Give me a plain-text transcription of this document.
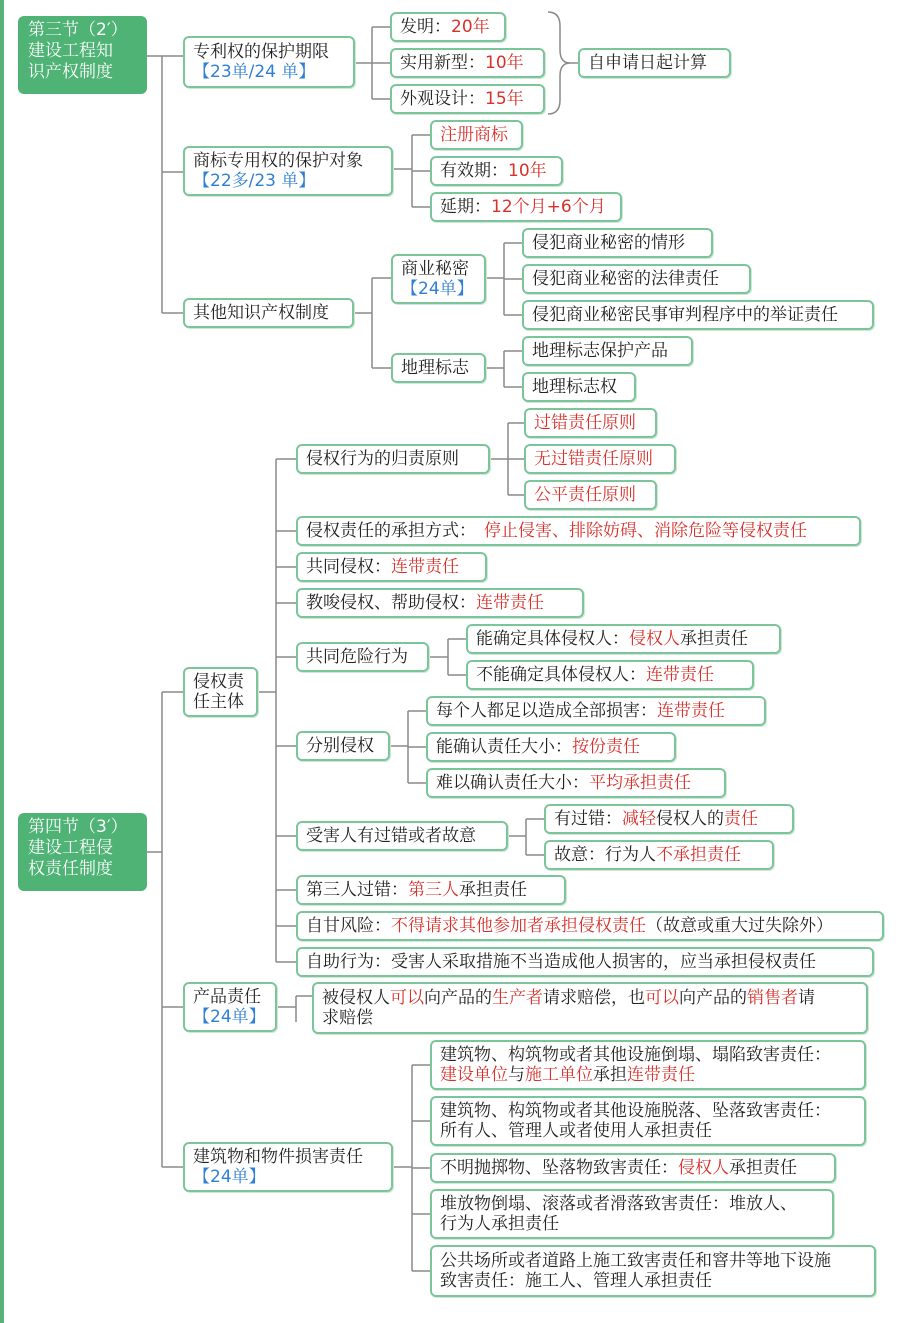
第三节（2′）
建设工程知
识产权制度
专利权的保护期限
【23单/24 单】
发明： 20年
实用新型： 10年
外观设计： 15年
自申请日起计算
商标专用权的保护对象
【22多/23 单】
注册商标
有效期： 10年
延期： 12个月+6个月
其他知识产权制度
商业秘密
【24单】
侵犯商业秘密的情形
侵犯商业秘密的法律责任
侵犯商业秘密民事审判程序中的举证责任
地理标志
地理标志保护产品
地理标志权
第四节（3′）
建设工程侵
权责任制度
侵权责
任主体
侵权行为的归责原则
过错责任原则
无过错责任原则
公平责任原则
侵权责任的承担方式： 停止侵害、排除妨碍、消除危险等侵权责任
共同侵权： 连带责任
教唆侵权、帮助侵权： 连带责任
共同危险行为
能确定具体侵权人： 侵权人 承担责任
不能确定具体侵权人： 连带责任
分别侵权
每个人都足以造成全部损害： 连带责任
能确认责任大小： 按份责任
难以确认责任大小： 平均承担责任
受害人有过错或者故意
有过错： 减轻 侵权人的 责任
故意：行为人 不承担责任
第三人过错： 第三人 承担责任
自甘风险： 不得请求其他参加者承担侵权责任 （故意或重大过失除外）
自助行为：受害人采取措施不当造成他人损害的，应当承担侵权责任
产品责任
【24单】
被侵权人可以向产品的生产者请求赔偿，也可以向产品的销售者请
求赔偿
建筑物和物件损害责任
【24单】
建筑物、构筑物或者其他设施倒塌、塌陷致害责任：
建设单位与施工单位承担连带责任
建筑物、构筑物或者其他设施脱落、坠落致害责任：
所有人、管理人或者使用人承担责任
不明抛掷物、坠落物致害责任： 侵权人 承担责任
堆放物倒塌、滚落或者滑落致害责任：堆放人、
行为人承担责任
公共场所或者道路上施工致害责任和窨井等地下设施
致害责任：施工人、管理人承担责任
